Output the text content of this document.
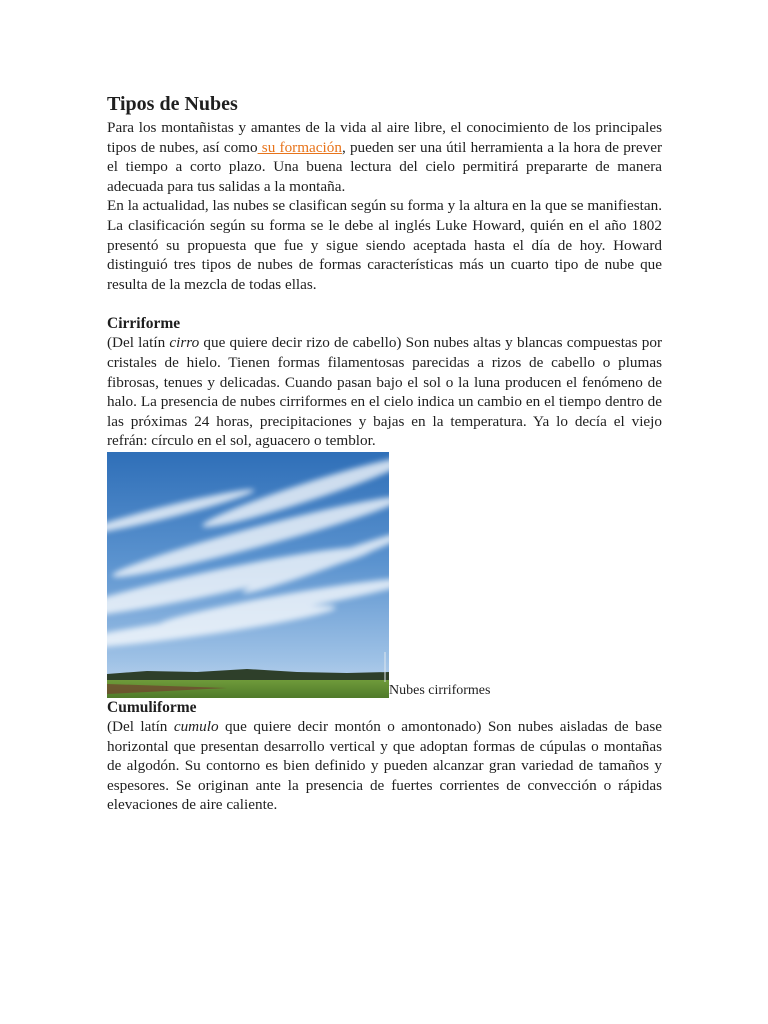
Tipos de Nubes

Para los montañistas y amantes de la vida al aire libre, el conocimiento de los principales tipos de nubes, así como su formación, pueden ser una útil herramienta a la hora de prever el tiempo a corto plazo. Una buena lectura del cielo permitirá prepararte de manera adecuada para tus salidas a la montaña.

En la actualidad, las nubes se clasifican según su forma y la altura en la que se manifiestan. La clasificación según su forma se le debe al inglés Luke Howard, quién en el año 1802 presentó su propuesta que fue y sigue siendo aceptada hasta el día de hoy. Howard distinguió tres tipos de nubes de formas características más un cuarto tipo de nube que resulta de la mezcla de todas ellas.

Cirriforme

(Del latín cirro que quiere decir rizo de cabello) Son nubes altas y blancas compuestas por cristales de hielo. Tienen formas filamentosas parecidas a rizos de cabello o plumas fibrosas, tenues y delicadas. Cuando pasan bajo el sol o la luna producen el fenómeno de halo. La presencia de nubes cirriformes en el cielo indica un cambio en el tiempo dentro de las próximas 24 horas, precipitaciones y bajas en la temperatura. Ya lo decía el viejo refrán: círculo en el sol, aguacero o temblor.

Nubes cirriformes
Cumuliforme

(Del latín cumulo que quiere decir montón o amontonado) Son nubes aisladas de base horizontal que presentan desarrollo vertical y que adoptan formas de cúpulas o montañas de algodón. Su contorno es bien definido y pueden alcanzar gran variedad de tamaños y espesores. Se originan ante la presencia de fuertes corrientes de convección o rápidas elevaciones de aire caliente.
